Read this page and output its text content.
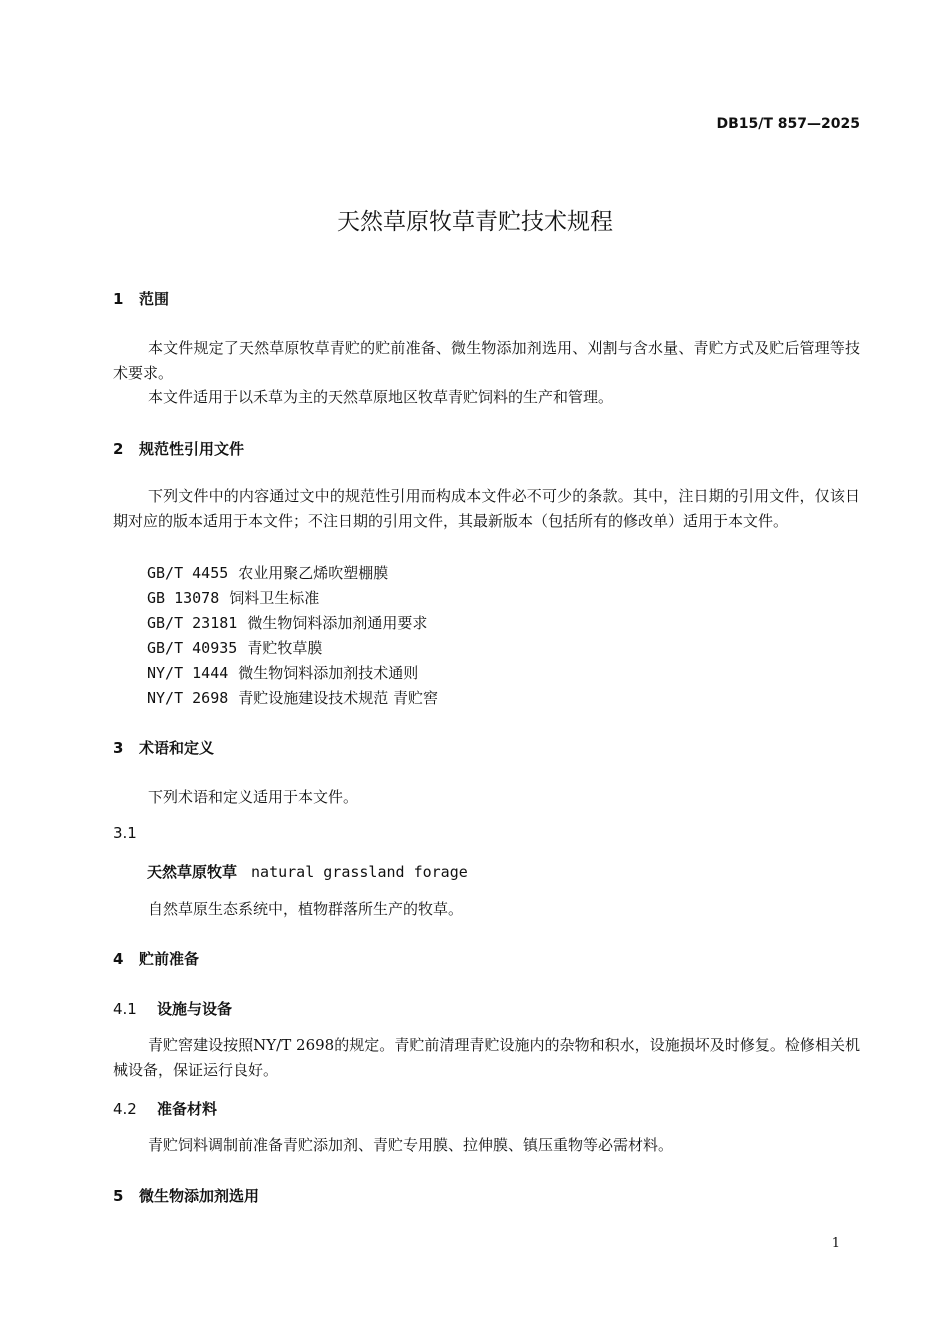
DB15/T 857—2025
天然草原牧草青贮技术规程
1 范围
本文件规定了天然草原牧草青贮的贮前准备、微生物添加剂选用、刈割与含水量、青贮方式及贮后管理等技术要求。
本文件适用于以禾草为主的天然草原地区牧草青贮饲料的生产和管理。
2 规范性引用文件
下列文件中的内容通过文中的规范性引用而构成本文件必不可少的条款。其中，注日期的引用文件，仅该日期对应的版本适用于本文件；不注日期的引用文件，其最新版本（包括所有的修改单）适用于本文件。
GB/T 4455 农业用聚乙烯吹塑棚膜
GB 13078 饲料卫生标准
GB/T 23181 微生物饲料添加剂通用要求
GB/T 40935 青贮牧草膜
NY/T 1444 微生物饲料添加剂技术通则
NY/T 2698 青贮设施建设技术规范 青贮窖
3 术语和定义
下列术语和定义适用于本文件。
3.1
天然草原牧草 natural grassland forage
自然草原生态系统中，植物群落所生产的牧草。
4 贮前准备
4.1 设施与设备
青贮窖建设按照NY/T 2698的规定。青贮前清理青贮设施内的杂物和积水，设施损坏及时修复。检修相关机械设备，保证运行良好。
4.2 准备材料
青贮饲料调制前准备青贮添加剂、青贮专用膜、拉伸膜、镇压重物等必需材料。
5 微生物添加剂选用
1
